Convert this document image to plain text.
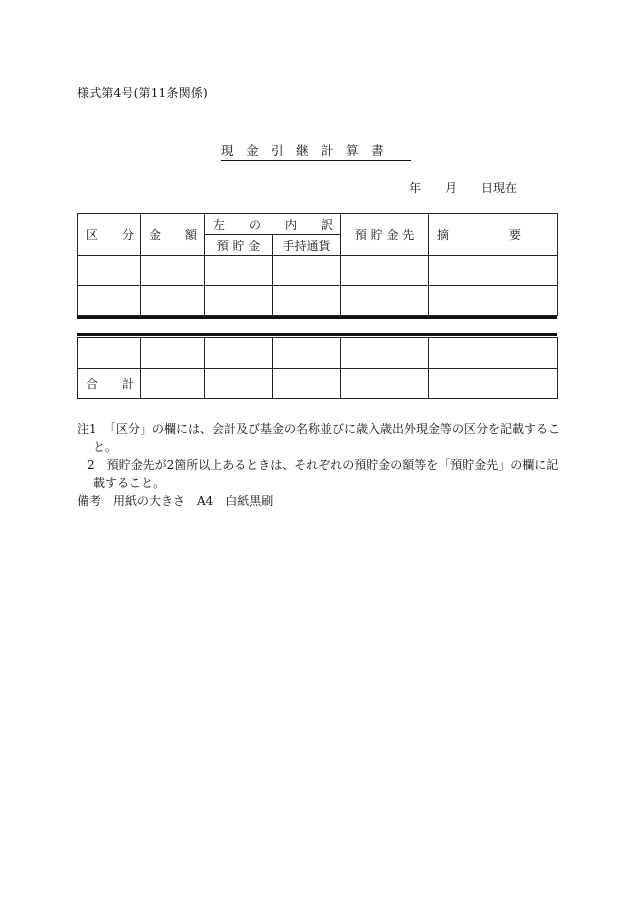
様式第4号(第11条関係)
現　金　引　継　計　算　書
年　　月　　日現在
区　　分	金　　額	左　　の　　内　　訳		預 貯 金 先	摘　　　　　要
		預 貯 金	手持通貨		

合　　計					
注1 「区分」の欄には、会計及び基金の名称並びに歳入歳出外現金等の区分を記載するこ
と。
2　預貯金先が2箇所以上あるときは、それぞれの預貯金の額等を「預貯金先」の欄に記
載すること。
備考　用紙の大きさ　A4　白紙黒刷
